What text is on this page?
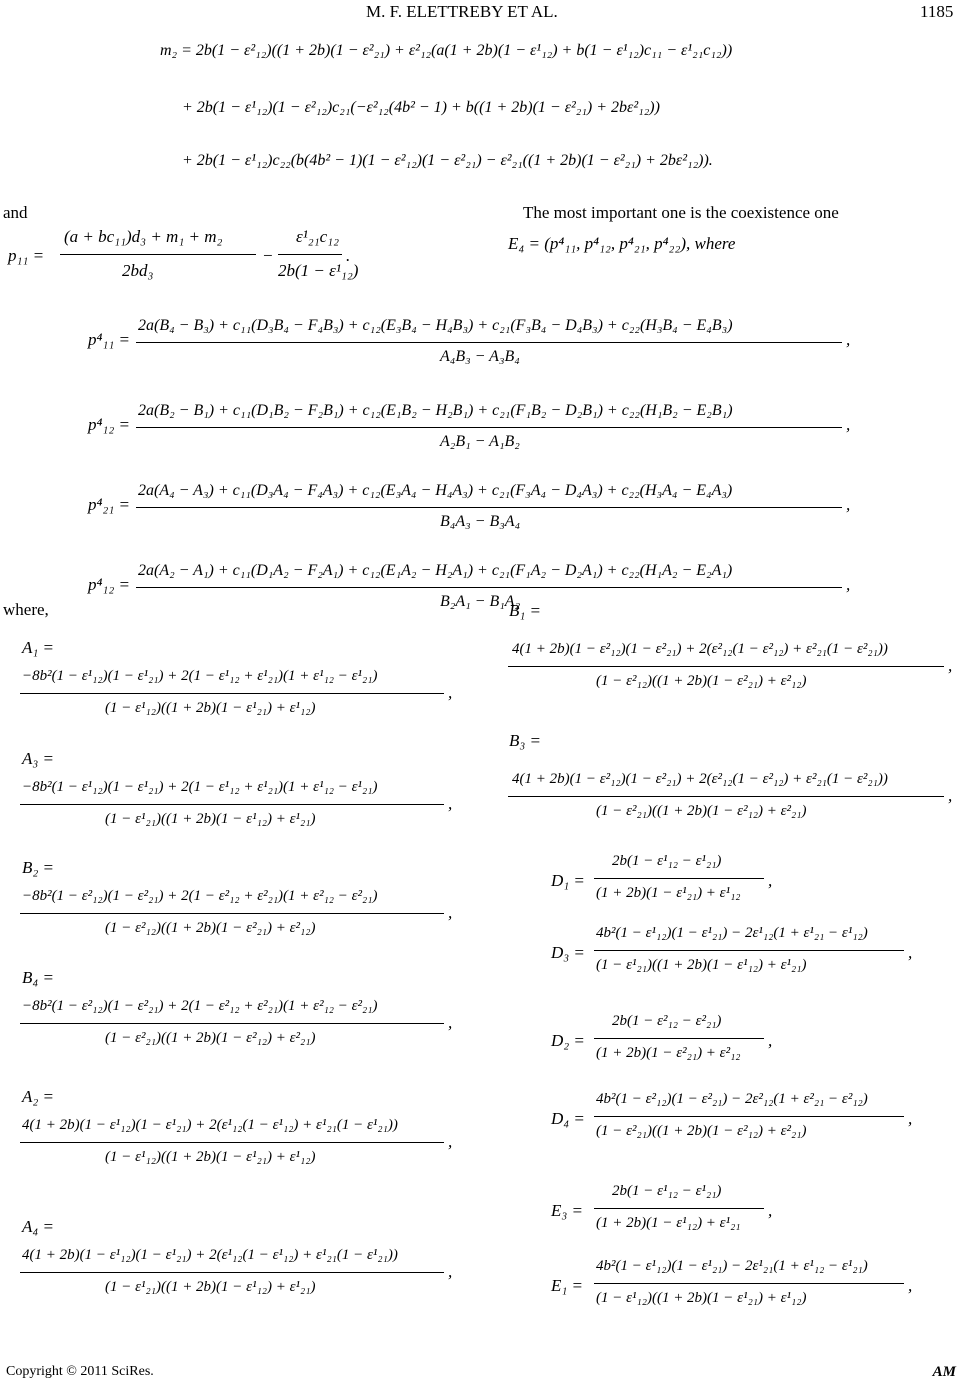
M. F. ELETTREBY ET AL.	1185
m₂ = 2b(1 − ε²₁₂)((1 + 2b)(1 − ε²₂₁) + ε²₁₂(a(1 + 2b)(1 − ε¹₁₂) + b(1 − ε¹₁₂)c₁₁ − ε¹₂₁c₁₂))
+ 2b(1 − ε¹₁₂)(1 − ε²₁₂)c₂₁(−ε²₁₂(4b² − 1) + b((1 + 2b)(1 − ε²₂₁) + 2bε²₁₂))
+ 2b(1 − ε¹₁₂)c₂₂(b(4b² − 1)(1 − ε²₁₂)(1 − ε²₂₁) − ε²₂₁((1 + 2b)(1 − ε²₂₁) + 2bε²₁₂)).
and
p₁₁ =
(a + bc₁₁)d₃ + m₁ + m₂
2bd₃
−
ε¹₂₁c₁₂
2b(1 − ε¹₁₂)
.
The most important one is the coexistence one
E₄ = (p⁴₁₁, p⁴₁₂, p⁴₂₁, p⁴₂₂), where
p⁴₁₁ =
2a(B₄ − B₃) + c₁₁(D₃B₄ − F₄B₃) + c₁₂(E₃B₄ − H₄B₃) + c₂₁(F₃B₄ − D₄B₃) + c₂₂(H₃B₄ − E₄B₃)
A₄B₃ − A₃B₄
,
p⁴₁₂ =
2a(B₂ − B₁) + c₁₁(D₁B₂ − F₂B₁) + c₁₂(E₁B₂ − H₂B₁) + c₂₁(F₁B₂ − D₂B₁) + c₂₂(H₁B₂ − E₂B₁)
A₂B₁ − A₁B₂
,
p⁴₂₁ =
2a(A₄ − A₃) + c₁₁(D₃A₄ − F₄A₃) + c₁₂(E₃A₄ − H₄A₃) + c₂₁(F₃A₄ − D₄A₃) + c₂₂(H₃A₄ − E₄A₃)
B₄A₃ − B₃A₄
,
p⁴₁₂ =
2a(A₂ − A₁) + c₁₁(D₁A₂ − F₂A₁) + c₁₂(E₁A₂ − H₂A₁) + c₂₁(F₁A₂ − D₂A₁) + c₂₂(H₁A₂ − E₂A₁)
B₂A₁ − B₁A₂
,
where,
A₁ =
−8b²(1 − ε¹₁₂)(1 − ε¹₂₁) + 2(1 − ε¹₁₂ + ε¹₂₁)(1 + ε¹₁₂ − ε¹₂₁)
(1 − ε¹₁₂)((1 + 2b)(1 − ε¹₂₁) + ε¹₁₂)
,
A₃ =
−8b²(1 − ε¹₁₂)(1 − ε¹₂₁) + 2(1 − ε¹₁₂ + ε¹₂₁)(1 + ε¹₁₂ − ε¹₂₁)
(1 − ε¹₂₁)((1 + 2b)(1 − ε¹₁₂) + ε¹₂₁)
,
B₂ =
−8b²(1 − ε²₁₂)(1 − ε²₂₁) + 2(1 − ε²₁₂ + ε²₂₁)(1 + ε²₁₂ − ε²₂₁)
(1 − ε²₁₂)((1 + 2b)(1 − ε²₂₁) + ε²₁₂)
,
B₄ =
−8b²(1 − ε²₁₂)(1 − ε²₂₁) + 2(1 − ε²₁₂ + ε²₂₁)(1 + ε²₁₂ − ε²₂₁)
(1 − ε²₂₁)((1 + 2b)(1 − ε²₁₂) + ε²₂₁)
,
A₂ =
4(1 + 2b)(1 − ε¹₁₂)(1 − ε¹₂₁) + 2(ε¹₁₂(1 − ε¹₁₂) + ε¹₂₁(1 − ε¹₂₁))
(1 − ε¹₁₂)((1 + 2b)(1 − ε¹₂₁) + ε¹₁₂)
,
A₄ =
4(1 + 2b)(1 − ε¹₁₂)(1 − ε¹₂₁) + 2(ε¹₁₂(1 − ε¹₁₂) + ε¹₂₁(1 − ε¹₂₁))
(1 − ε¹₂₁)((1 + 2b)(1 − ε¹₁₂) + ε¹₂₁)
,
B₁ =
4(1 + 2b)(1 − ε²₁₂)(1 − ε²₂₁) + 2(ε²₁₂(1 − ε²₁₂) + ε²₂₁(1 − ε²₂₁))
(1 − ε²₁₂)((1 + 2b)(1 − ε²₂₁) + ε²₁₂)
,
B₃ =
4(1 + 2b)(1 − ε²₁₂)(1 − ε²₂₁) + 2(ε²₁₂(1 − ε²₁₂) + ε²₂₁(1 − ε²₂₁))
(1 − ε²₂₁)((1 + 2b)(1 − ε²₁₂) + ε²₂₁)
,
D₁ =
2b(1 − ε¹₁₂ − ε¹₂₁)
(1 + 2b)(1 − ε¹₂₁) + ε¹₁₂
,
D₃ =
4b²(1 − ε¹₁₂)(1 − ε¹₂₁) − 2ε¹₁₂(1 + ε¹₂₁ − ε¹₁₂)
(1 − ε¹₂₁)((1 + 2b)(1 − ε¹₁₂) + ε¹₂₁)
,
D₂ =
2b(1 − ε²₁₂ − ε²₂₁)
(1 + 2b)(1 − ε²₂₁) + ε²₁₂
,
D₄ =
4b²(1 − ε²₁₂)(1 − ε²₂₁) − 2ε²₁₂(1 + ε²₂₁ − ε²₁₂)
(1 − ε²₂₁)((1 + 2b)(1 − ε²₁₂) + ε²₂₁)
,
E₃ =
2b(1 − ε¹₁₂ − ε¹₂₁)
(1 + 2b)(1 − ε¹₁₂) + ε¹₂₁
,
E₁ =
4b²(1 − ε¹₁₂)(1 − ε¹₂₁) − 2ε¹₂₁(1 + ε¹₁₂ − ε¹₂₁)
(1 − ε¹₁₂)((1 + 2b)(1 − ε¹₂₁) + ε¹₁₂)
,
Copyright © 2011 SciRes.	AM
